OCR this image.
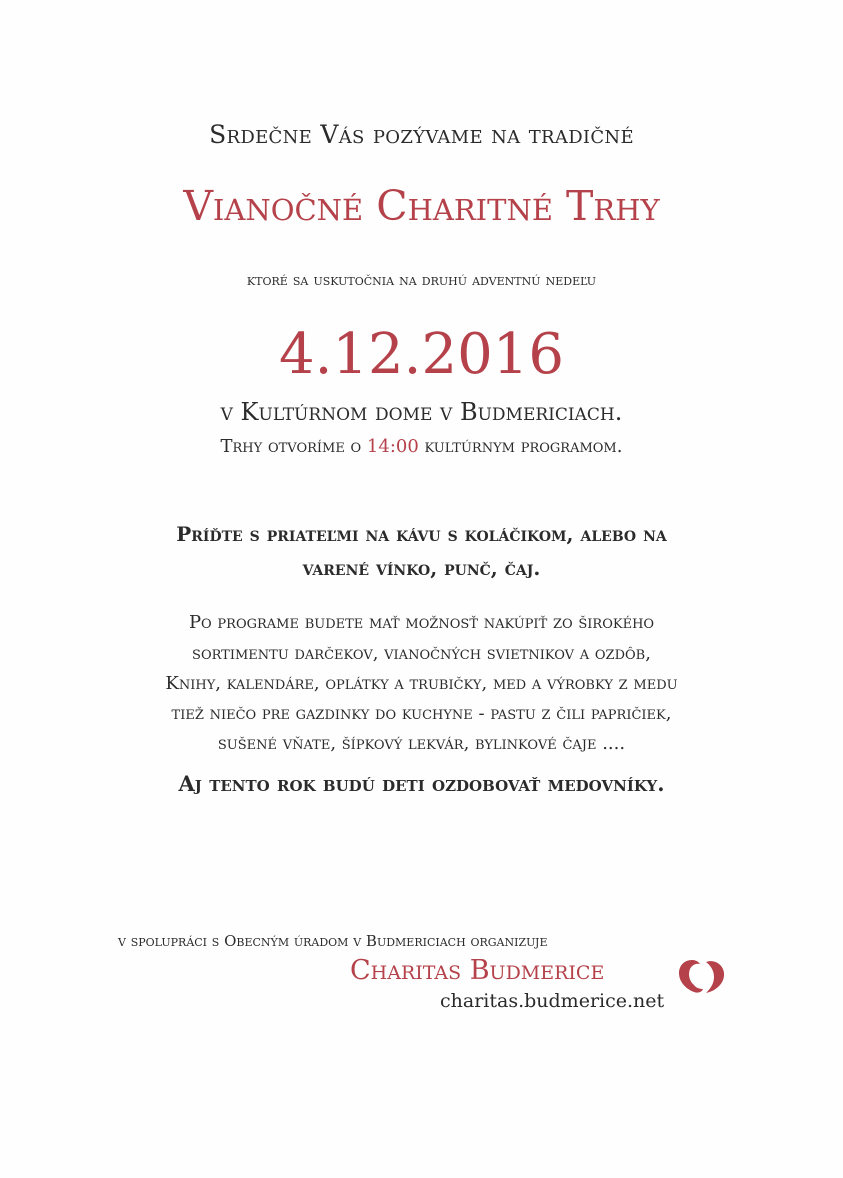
Srdečne Vás pozývame na tradičné
Vianočné Charitné Trhy
ktoré sa uskutočnia na druhú adventnú nedeľu
4.12.2016
v Kultúrnom dome v Budmericiach.
Trhy otvoríme o 14:00 kultúrnym programom.
Príďte s priateľmi na kávu s koláčikom, alebo na
varené vínko, punč, čaj.
Po programe budete mať možnosť nakúpiť zo širokého
sortimentu darčekov, vianočných svietnikov a ozdôb,
Knihy, kalendáre, oplátky a trubičky, med a výrobky z medu
tiež niečo pre gazdinky do kuchyne - pastu z čili papričiek,
sušené vňate, šípkový lekvár, bylinkové čaje ....
Aj tento rok budú deti ozdobovať medovníky.
v spolupráci s Obecným úradom v Budmericiach organizuje
Charitas Budmerice
charitas.budmerice.net
